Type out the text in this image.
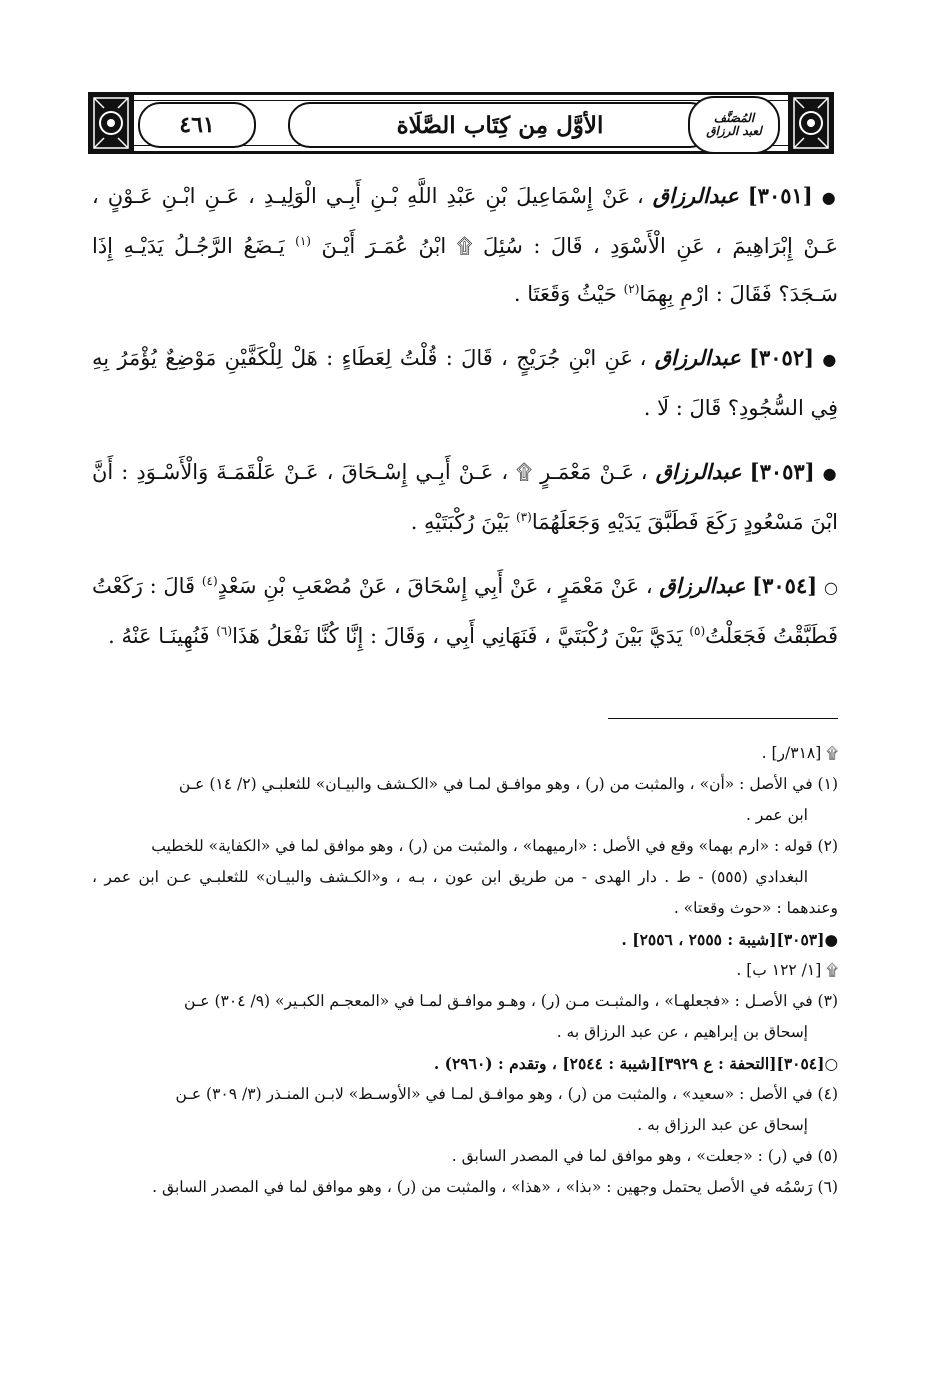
٤٦١	الأوَّل مِن كِتَاب الصَّلَاة	المُصَنَّف
لعبد الرزاق

● [٣٠٥١] عبدالرزاق ، عَنْ إِسْمَاعِيلَ بْنِ عَبْدِ اللَّهِ بْـنِ أَبِـي الْوَلِيـدِ ، عَـنِ ابْـنِ عَـوْنٍ ، عَـنْ إِبْرَاهِيمَ ، عَنِ الْأَسْوَدِ ، قَالَ : سُئِلَ ۩ ابْنُ عُمَـرَ أَيْـنَ $^{(١)}$ يَـضَعُ الرَّجُـلُ يَدَيْـهِ إِذَا سَـجَدَ؟ فَقَالَ : ارْمِ بِهِمَا$^{(٢)}$ حَيْثُ وَقَعَتَا .

● [٣٠٥٢] عبدالرزاق ، عَنِ ابْنِ جُرَيْجٍ ، قَالَ : قُلْتُ لِعَطَاءٍ : هَلْ لِلْكَفَّيْنِ مَوْضِعٌ يُؤْمَرُ بِهِ فِي السُّجُودِ؟ قَالَ : لَا .

● [٣٠٥٣] عبدالرزاق ، عَـنْ مَعْمَـرٍ ۩ ، عَـنْ أَبِـي إِسْـحَاقَ ، عَـنْ عَلْقَمَـةَ وَالْأَسْـوَدِ : أَنَّ ابْنَ مَسْعُودٍ رَكَعَ فَطَبَّقَ يَدَيْهِ وَجَعَلَهُمَا$^{(٣)}$ بَيْنَ رُكْبَتَيْهِ .

○ [٣٠٥٤] عبدالرزاق ، عَنْ مَعْمَرٍ ، عَنْ أَبِي إِسْحَاقَ ، عَنْ مُصْعَبِ بْنِ سَعْدٍ$^{(٤)}$ قَالَ : رَكَعْتُ فَطَبَّقْتُ فَجَعَلْتُ$^{(٥)}$ يَدَيَّ بَيْنَ رُكْبَتَيَّ ، فَنَهَانِي أَبِي ، وَقَالَ : إِنَّا كُنَّا نَفْعَلُ هَذَا$^{(٦)}$ فَنُهِينَـا عَنْهُ .

۩ [٣١٨/ر] .

(١) في الأصل : «أن» ، والمثبت من (ر) ، وهو موافـق لمـا في «الكـشف والبيـان» للثعلبـي (٢/ ١٤) عـن
ابن عمر .

(٢) قوله : «ارم بهما» وقع في الأصل : «ارميهما» ، والمثبت من (ر) ، وهو موافق لما في «الكفاية» للخطيب
البغدادي (٥٥٥) - ط . دار الهدى - من طريق ابن عون ، بـه ، و«الكـشف والبيـان» للثعلبـي عـن ابن عمر ، وعندهما : «حوث وقعتا» .

●[٣٠٥٣][شيبة : ٢٥٥٥ ، ٢٥٥٦] .

۩ [١/ ١٢٢ ب] .

(٣) في الأصـل : «فجعلهـا» ، والمثبـت مـن (ر) ، وهـو موافـق لمـا في «المعجـم الكبـير» (٩/ ٣٠٤) عـن
إسحاق بن إبراهيم ، عن عبد الرزاق به .

○[٣٠٥٤][التحفة : ع ٣٩٢٩][شيبة : ٢٥٤٤] ، وتقدم : (٢٩٦٠) .

(٤) في الأصل : «سعيد» ، والمثبت من (ر) ، وهو موافـق لمـا في «الأوسـط» لابـن المنـذر (٣/ ٣٠٩) عـن
إسحاق عن عبد الرزاق به .

(٥) في (ر) : «جعلت» ، وهو موافق لما في المصدر السابق .

(٦) رَسْمُه في الأصل يحتمل وجهين : «بذا» ، «هذا» ، والمثبت من (ر) ، وهو موافق لما في المصدر السابق .
